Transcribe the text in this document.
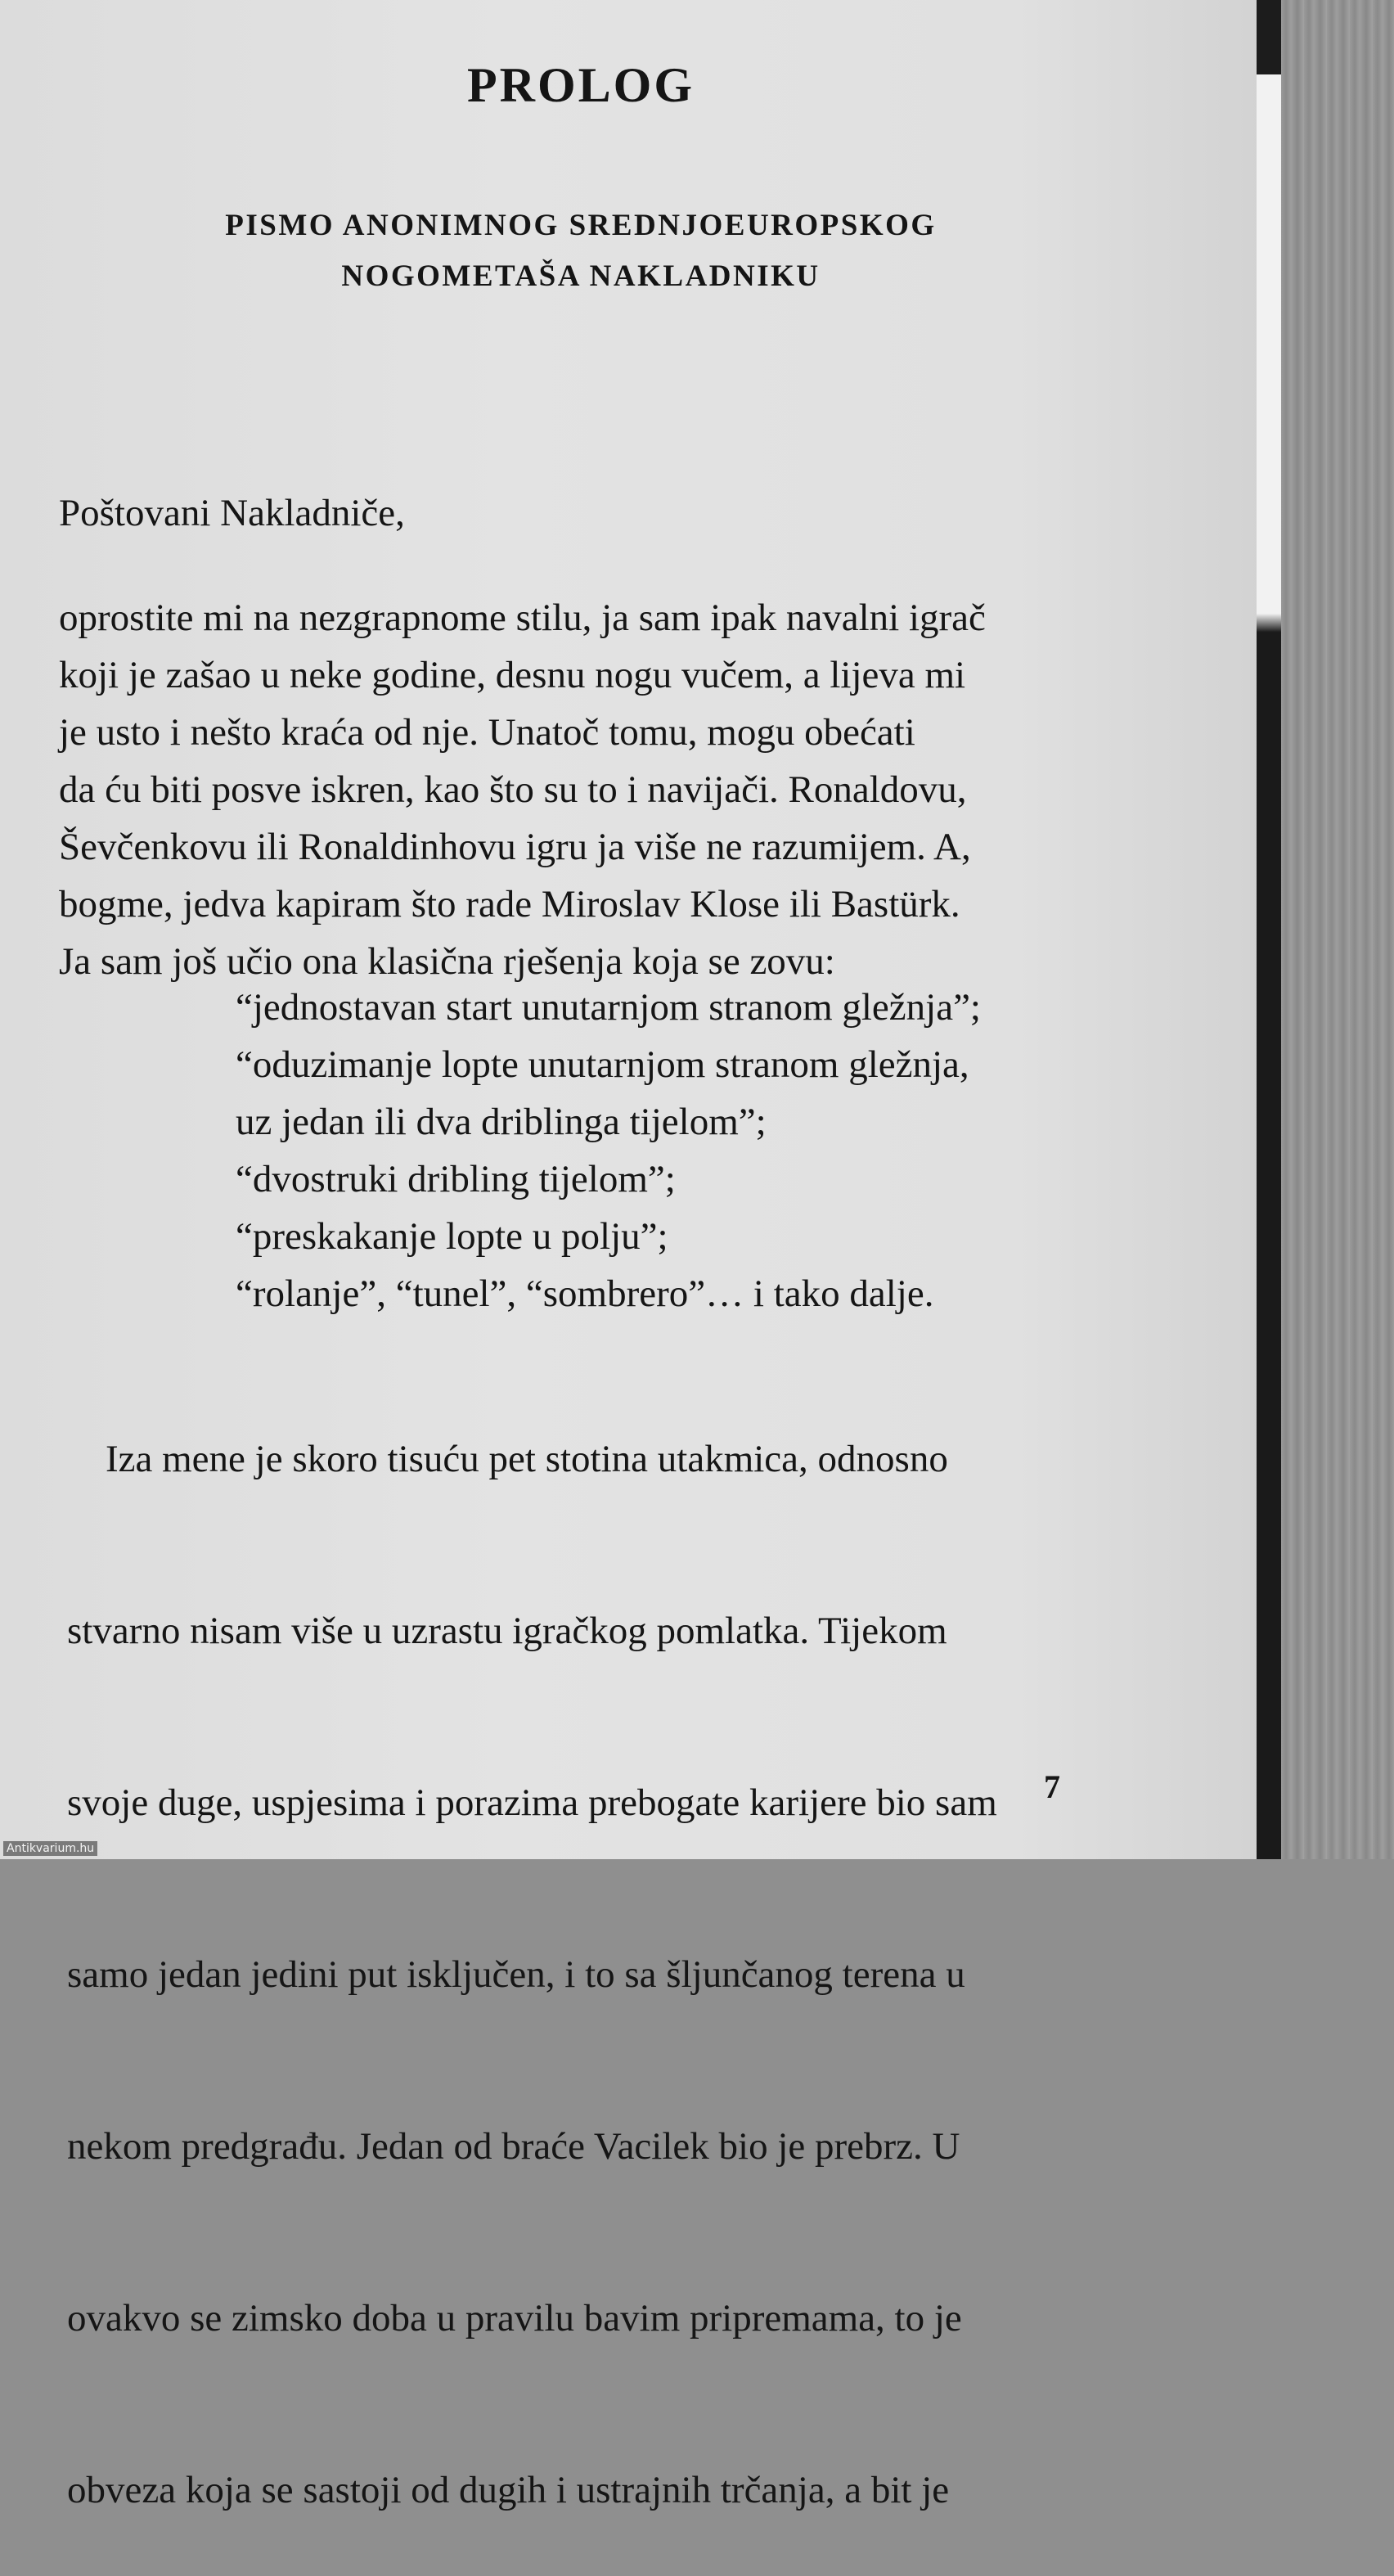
PROLOG
PISMO ANONIMNOG SREDNJOEUROPSKOG
NOGOMETAŠA NAKLADNIKU
Poštovani Nakladniče,
oprostite mi na nezgrapnome stilu, ja sam ipak navalni igrač
koji je zašao u neke godine, desnu nogu vučem, a lijeva mi
je usto i nešto kraća od nje. Unatoč tomu, mogu obećati
da ću biti posve iskren, kao što su to i navijači. Ronaldovu,
Ševčenkovu ili Ronaldinhovu igru ja više ne razumijem. A,
bogme, jedva kapiram što rade Miroslav Klose ili Bastürk.
Ja sam još učio ona klasična rješenja koja se zovu:
“jednostavan start unutarnjom stranom gležnja”;
“oduzimanje lopte unutarnjom stranom gležnja,
uz jedan ili dva driblinga tijelom”;
“dvostruki dribling tijelom”;
“preskakanje lopte u polju”;
“rolanje”, “tunel”, “sombrero”… i tako dalje.

Iza mene je skoro tisuću pet stotina utakmica, odnosno

stvarno nisam više u uzrastu igračkog pomlatka. Tijekom

svoje duge, uspjesima i porazima prebogate karijere bio sam

samo jedan jedini put isključen, i to sa šljunčanog terena u

nekom predgrađu. Jedan od braće Vacilek bio je prebrz. U

ovakvo se zimsko doba u pravilu bavim pripremama, to je

obveza koja se sastoji od dugih i ustrajnih trčanja, a bit je

7
Antikvarium.hu
